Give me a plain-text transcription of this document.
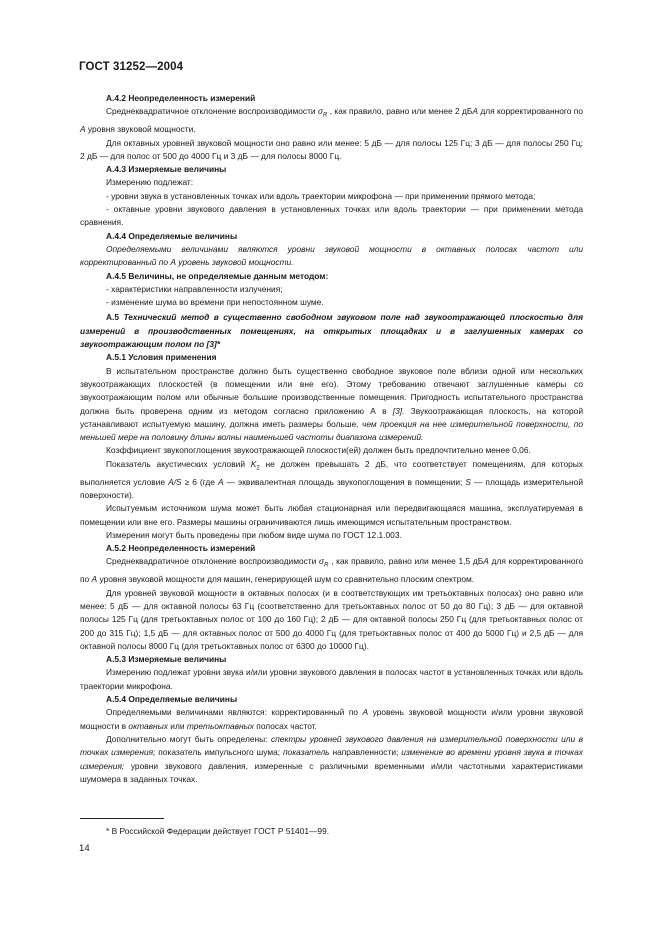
ГОСТ 31252—2004

А.4.2 Неопределенность измерений

Среднеквадратичное отклонение воспроизводимости $\sigma_R$ , как правило, равно или менее 2 дБА для корректированного по А уровня звуковой мощности.

Для октавных уровней звуковой мощности оно равно или менее: 5 дБ — для полосы 125 Гц; 3 дБ — для полосы 250 Гц; 2 дБ — для полос от 500 до 4000 Гц и 3 дБ — для полосы 8000 Гц.

А.4.3 Измеряемые величины

Измерению подлежат:

- уровни звука в установленных точках или вдоль траектории микрофона — при применении прямого метода;

- октавные уровни звукового давления в установленных точках или вдоль траектории — при применении метода сравнения.

А.4.4 Определяемые величины

Определяемыми величинами являются уровни звуковой мощности в октавных полосах частот или корректированный по А уровень звуковой мощности.

А.4.5 Величины, не определяемые данным методом:

- характеристики направленности излучения;

- изменение шума во времени при непостоянном шуме.

А.5 Технический метод в существенно свободном звуковом поле над звукоотражающей плоскостью для измерений в производственных помещениях, на открытых площадках и в заглушенных камерах со звукоотражающим полом по [3]*

А.5.1 Условия применения

В испытательном пространстве должно быть существенно свободное звуковое поле вблизи одной или нескольких звукоотражающих плоскостей (в помещении или вне его). Этому требованию отвечают заглушенные камеры со звукоотражающим полом или обычные большие производственные помещения. Пригодность испытательного пространства должна быть проверена одним из методом согласно приложению А в [3]. Звукоотражающая плоскость, на которой устанавливают испытуемую машину, должна иметь размеры больше, чем проекция на нее измерительной поверхности, по меньшей мере на половину длины волны наименьшей частоты диапазона измерений.

Коэффициент звукопоглощения звукоотражающей плоскости(ей) должен быть предпочтительно менее 0,06.

Показатель акустических условий $K_2$ не должен превышать 2 дБ, что соответствует помещениям, для которых выполняется условие A/S ≥ 6 (где А — эквивалентная площадь звукопоглощения в помещении; S — площадь измерительной поверхности).

Испытуемым источником шума может быть любая стационарная или передвигающаяся машина, эксплуатируемая в помещении или вне его. Размеры машины ограничиваются лишь имеющимся испытательным пространством.

Измерения могут быть проведены при любом виде шума по ГОСТ 12.1.003.

А.5.2 Неопределенность измерений

Среднеквадратичное отклонение воспроизводимости $\sigma_R$ , как правило, равно или менее 1,5 дБА для корректированного по А уровня звуковой мощности для машин, генерирующей шум со сравнительно плоским спектром.

Для уровней звуковой мощности в октавных полосах (и в соответствующих им третьоктавных полосах) оно равно или менее: 5 дБ — для октавной полосы 63 Гц (соответственно для третьоктавных полос от 50 до 80 Гц); 3 дБ — для октавной полосы 125 Гц (для третьоктавных полос от 100 до 160 Гц); 2 дБ — для октавной полосы 250 Гц (для третьоктавных полос от 200 до 315 Гц); 1,5 дБ — для октавных полос от 500 до 4000 Гц (для третьоктавных полос от 400 до 5000 Гц) и 2,5 дБ — для октавной полосы 8000 Гц (для третьоктавных полос от 6300 до 10000 Гц).

А.5.3 Измеряемые величины

Измерению подлежат уровни звука и/или уровни звукового давления в полосах частот в установленных точках или вдоль траектории микрофона.

А.5.4 Определяемые величины

Определяемыми величинами являются: корректированный по А уровень звуковой мощности и/или уровни звуковой мощности в октавных или третьоктавных полосах частот.

Дополнительно могут быть определены: спектры уровней звукового давления на измерительной поверхности или в точках измерения; показатель импульсного шума; показатель направленности; изменение во времени уровня звука в точках измерения; уровни звукового давления, измеренные с различными временными и/или частотными характеристиками шумомера в заданных точках.

* В Российской Федерации действует ГОСТ Р 51401—99.
14
